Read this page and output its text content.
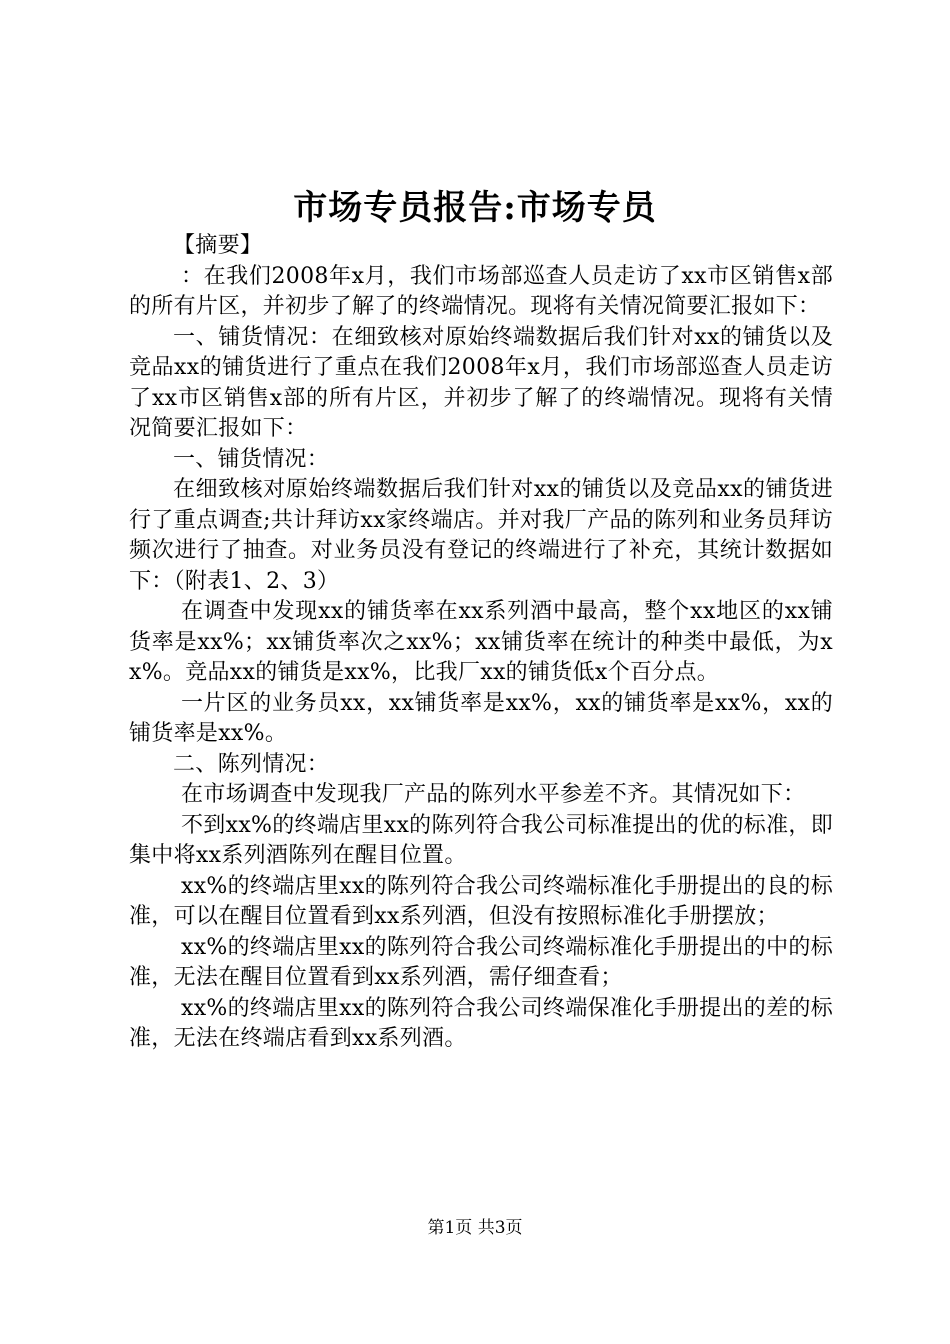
市场专员报告:市场专员

【摘要】

：在我们2008年x月，我们市场部巡查人员走访了xx市区销售x部的所有片区，并初步了解了的终端情况。现将有关情况简要汇报如下：

一、铺货情况：在细致核对原始终端数据后我们针对xx的铺货以及竞品xx的铺货进行了重点在我们2008年x月，我们市场部巡查人员走访了xx市区销售x部的所有片区，并初步了解了的终端情况。现将有关情况简要汇报如下：

一、铺货情况：

在细致核对原始终端数据后我们针对xx的铺货以及竞品xx的铺货进行了重点调查;共计拜访xx家终端店。并对我厂产品的陈列和业务员拜访频次进行了抽查。对业务员没有登记的终端进行了补充，其统计数据如下：（附表1、2、3）

在调查中发现xx的铺货率在xx系列酒中最高，整个xx地区的xx铺货率是xx%；xx铺货率次之xx%；xx铺货率在统计的种类中最低，为xx%。竞品xx的铺货是xx%，比我厂xx的铺货低x个百分点。

一片区的业务员xx，xx铺货率是xx%，xx的铺货率是xx%，xx的铺货率是xx%。

二、陈列情况：

在市场调查中发现我厂产品的陈列水平参差不齐。其情况如下：

不到xx%的终端店里xx的陈列符合我公司标准提出的优的标准，即集中将xx系列酒陈列在醒目位置。

xx%的终端店里xx的陈列符合我公司终端标准化手册提出的良的标准，可以在醒目位置看到xx系列酒，但没有按照标准化手册摆放；

xx%的终端店里xx的陈列符合我公司终端标准化手册提出的中的标准，无法在醒目位置看到xx系列酒，需仔细查看；

xx%的终端店里xx的陈列符合我公司终端保准化手册提出的差的标准，无法在终端店看到xx系列酒。

第1页 共3页
